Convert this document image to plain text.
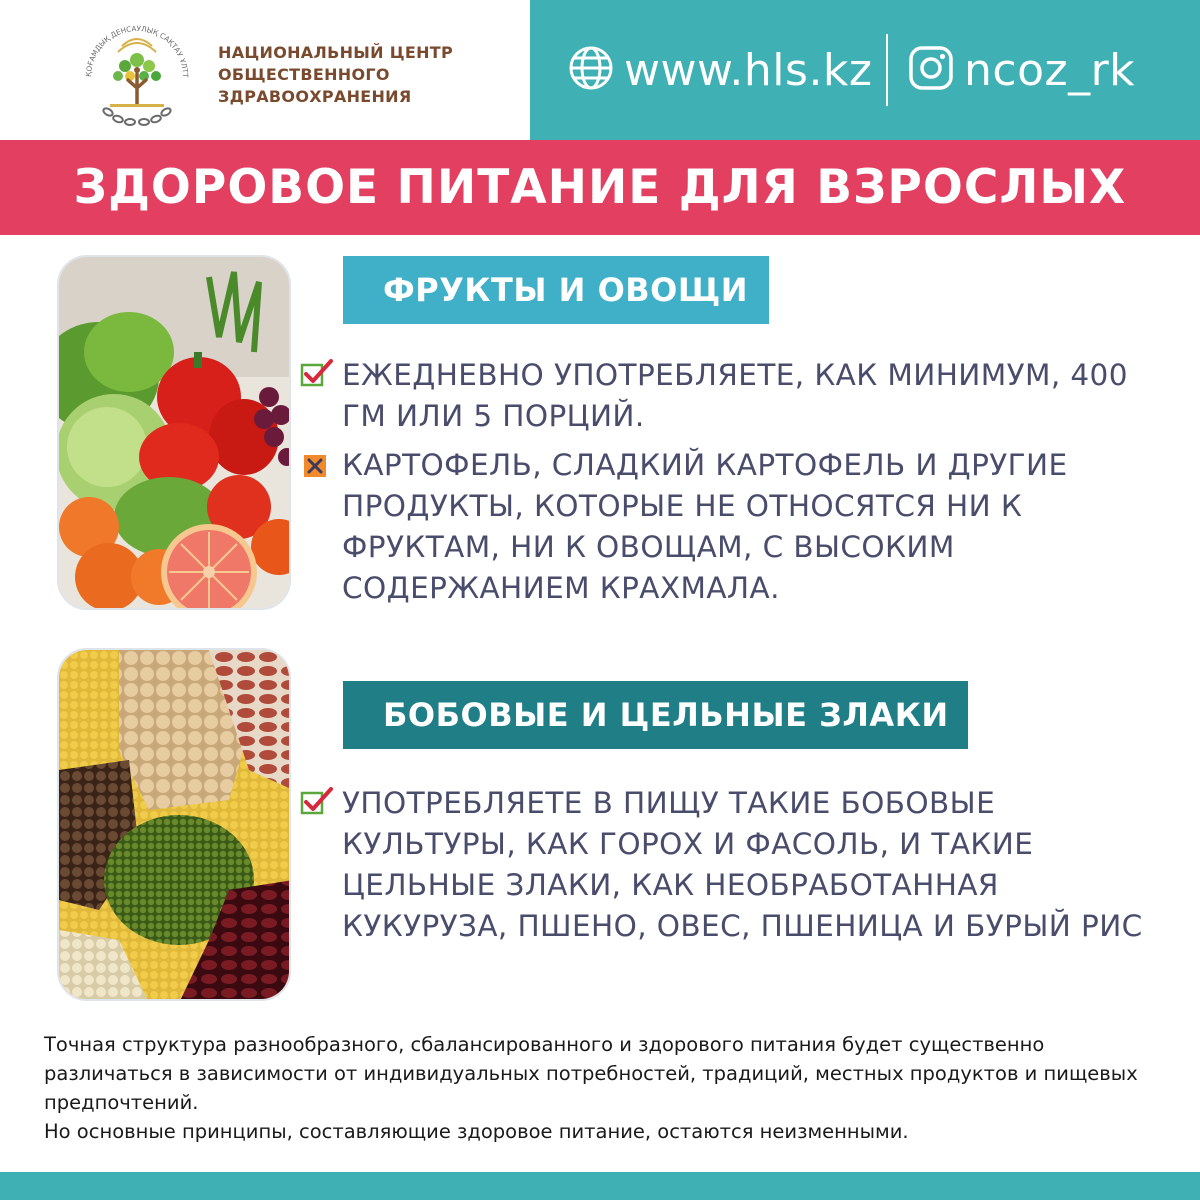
ҚОҒАМДЫҚ ДЕНСАУЛЫҚ САҚТАУ ҰЛТТ
НАЦИОНАЛЬНЫЙ ЦЕНТР
ОБЩЕСТВЕННОГО
ЗДРАВООХРАНЕНИЯ
www.hls.kz ncoz_rk
ЗДОРОВОЕ ПИТАНИЕ ДЛЯ ВЗРОСЛЫХ
ФРУКТЫ И ОВОЩИ
ЕЖЕДНЕВНО УПОТРЕБЛЯЕТЕ, КАК МИНИМУМ, 400 ГМ ИЛИ 5 ПОРЦИЙ.
КАРТОФЕЛЬ, СЛАДКИЙ КАРТОФЕЛЬ И ДРУГИЕ ПРОДУКТЫ, КОТОРЫЕ НЕ ОТНОСЯТСЯ НИ К ФРУКТАМ, НИ К ОВОЩАМ, С ВЫСОКИМ СОДЕРЖАНИЕМ КРАХМАЛА.
БОБОВЫЕ И ЦЕЛЬНЫЕ ЗЛАКИ
УПОТРЕБЛЯЕТЕ В ПИЩУ ТАКИЕ БОБОВЫЕ КУЛЬТУРЫ, КАК ГОРОХ И ФАСОЛЬ, И ТАКИЕ ЦЕЛЬНЫЕ ЗЛАКИ, КАК НЕОБРАБОТАННАЯ КУКУРУЗА, ПШЕНО, ОВЕС, ПШЕНИЦА И БУРЫЙ РИС

Точная структура разнообразного, сбалансированного и здорового питания будет существенно различаться в зависимости от индивидуальных потребностей, традиций, местных продуктов и пищевых предпочтений.

Но основные принципы, составляющие здоровое питание, остаются неизменными.
